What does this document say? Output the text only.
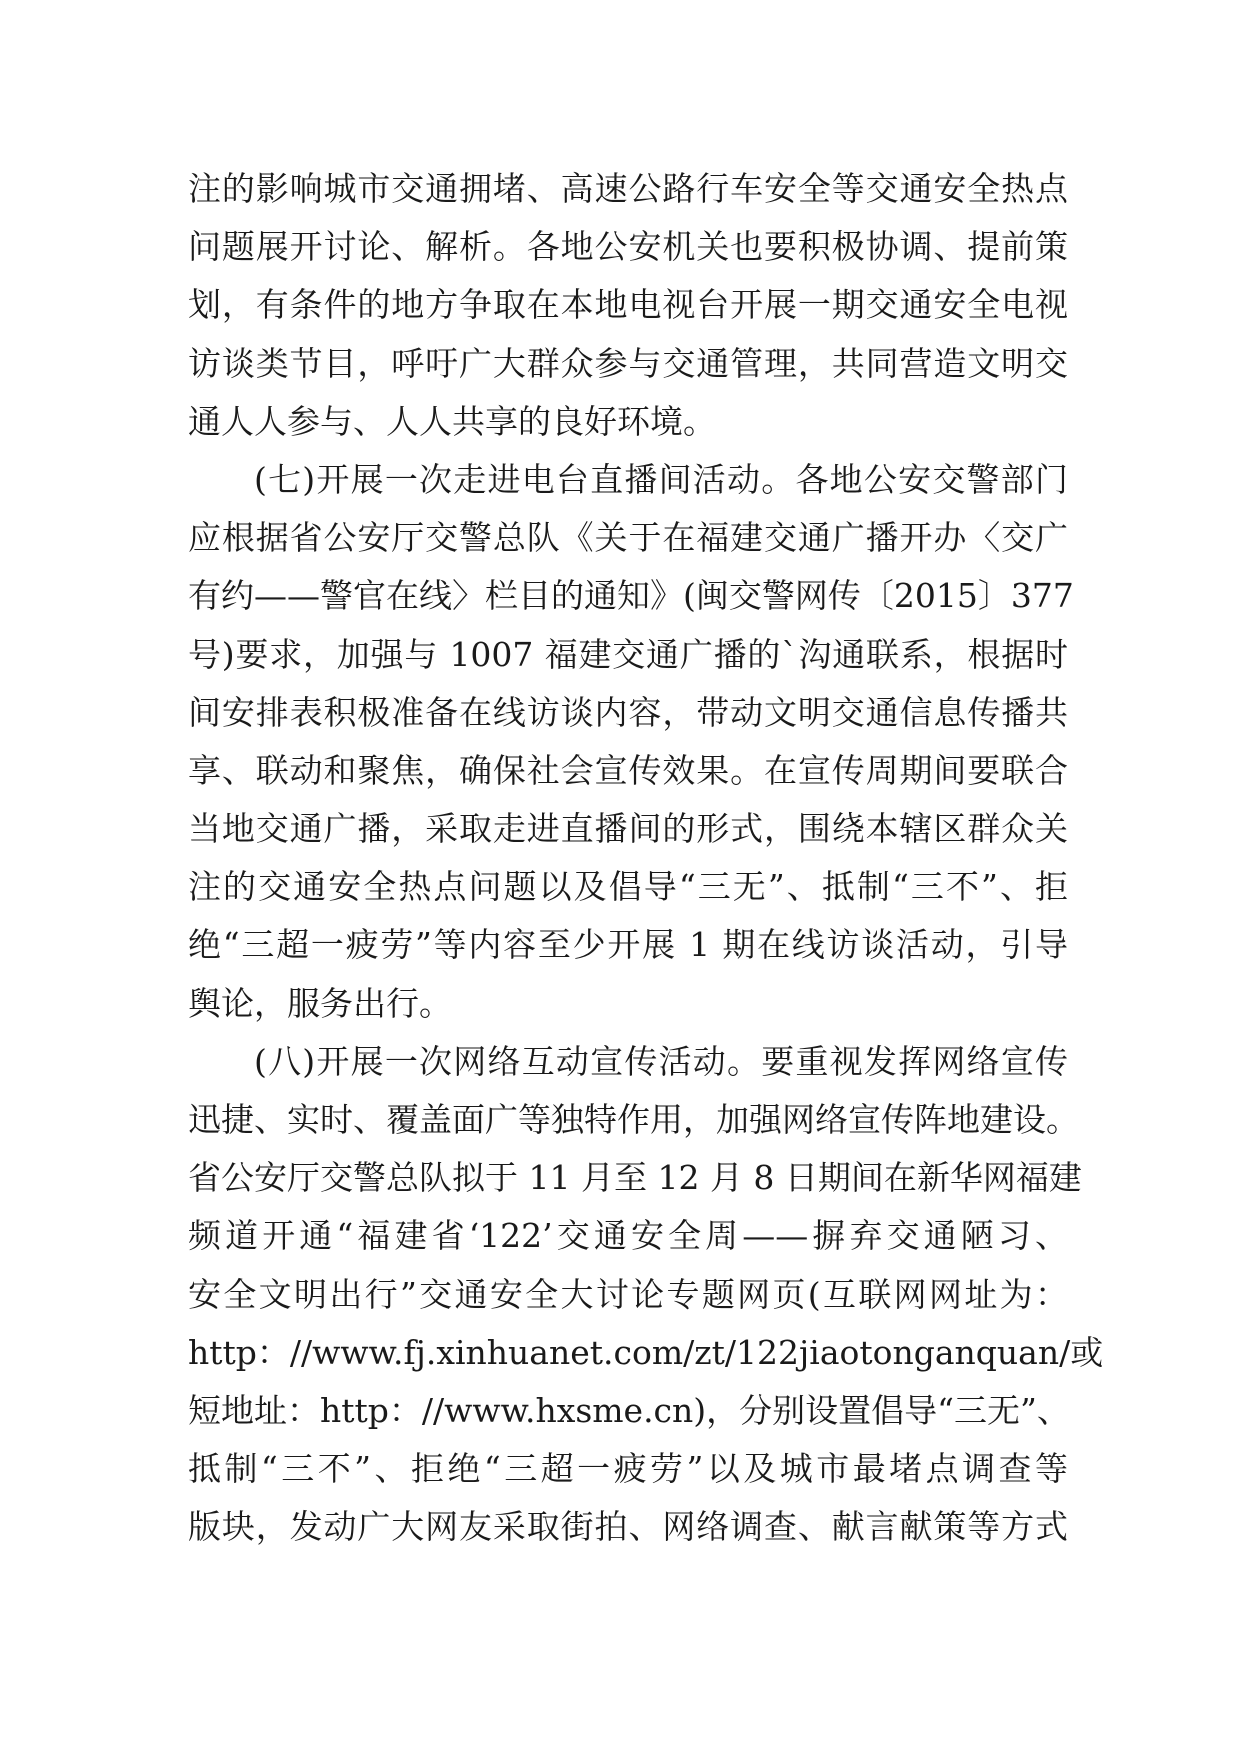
注的影响城市交通拥堵、高速公路行车安全等交通安全热点
问题展开讨论、解析。各地公安机关也要积极协调、提前策
划，有条件的地方争取在本地电视台开展一期交通安全电视
访谈类节目，呼吁广大群众参与交通管理，共同营造文明交
通人人参与、人人共享的良好环境。
(七)开展一次走进电台直播间活动。各地公安交警部门
应根据省公安厅交警总队《关于在福建交通广播开办〈交广
有约——警官在线〉栏目的通知》(闽交警网传〔2015〕377
号)要求，加强与 1007 福建交通广播的`沟通联系，根据时
间安排表积极准备在线访谈内容，带动文明交通信息传播共
享、联动和聚焦，确保社会宣传效果。在宣传周期间要联合
当地交通广播，采取走进直播间的形式，围绕本辖区群众关
注的交通安全热点问题以及倡导“三无”、抵制“三不”、拒
绝“三超一疲劳”等内容至少开展 1 期在线访谈活动，引导
舆论，服务出行。
(八)开展一次网络互动宣传活动。要重视发挥网络宣传
迅捷、实时、覆盖面广等独特作用，加强网络宣传阵地建设。
省公安厅交警总队拟于 11 月至 12 月 8 日期间在新华网福建
频道开通“福建省‘122’交通安全周——摒弃交通陋习、
安全文明出行”交通安全大讨论专题网页(互联网网址为：
http：//www.fj.xinhuanet.com/zt/122jiaotonganquan/或
短地址：http：//www.hxsme.cn)，分别设置倡导“三无”、
抵制“三不”、拒绝“三超一疲劳”以及城市最堵点调查等
版块，发动广大网友采取街拍、网络调查、献言献策等方式
